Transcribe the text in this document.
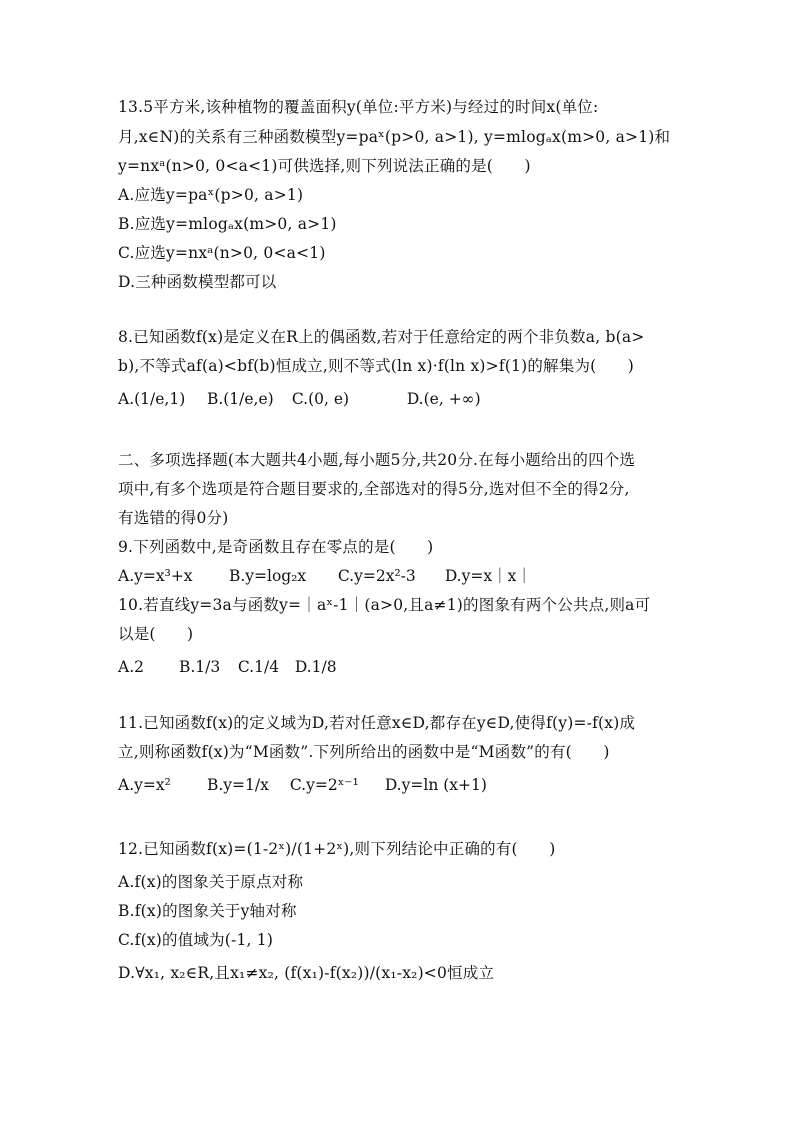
13.5平方米,该种植物的覆盖面积y(单位:平方米)与经过的时间x(单位:
月,x∈N)的关系有三种函数模型y=paˣ(p>0, a>1), y=mlogₐx(m>0, a>1)和
y=nxᵃ(n>0, 0<a<1)可供选择,则下列说法正确的是(　　)
A.应选y=paˣ(p>0, a>1)
B.应选y=mlogₐx(m>0, a>1)
C.应选y=nxᵃ(n>0, 0<a<1)
D.三种函数模型都可以
8.已知函数f(x)是定义在R上的偶函数,若对于任意给定的两个非负数a, b(a>
b),不等式af(a)<bf(b)恒成立,则不等式(ln x)·f(ln x)>f(1)的解集为(　　)
A.(1/e,1) B.(1/e,e) C.(0, e)	D.(e, +∞)
二、多项选择题(本大题共4小题,每小题5分,共20分.在每小题给出的四个选
项中,有多个选项是符合题目要求的,全部选对的得5分,选对但不全的得2分,
有选错的得0分)
9.下列函数中,是奇函数且存在零点的是(　　)
A.y=x³+x B.y=log₂x C.y=2x²-3 D.y=x｜x｜
10.若直线y=3a与函数y=｜aˣ-1｜(a>0,且a≠1)的图象有两个公共点,则a可
以是(　　)
A.2 B.1/3 C.1/4 D.1/8
11.已知函数f(x)的定义域为D,若对任意x∈D,都存在y∈D,使得f(y)=-f(x)成
立,则称函数f(x)为“M函数”.下列所给出的函数中是“M函数”的有(　　)
A.y=x² B.y=1/x C.y=2ˣ⁻¹ D.y=ln (x+1)
12.已知函数f(x)=(1-2ˣ)/(1+2ˣ),则下列结论中正确的有(　　)
A.f(x)的图象关于原点对称
B.f(x)的图象关于y轴对称
C.f(x)的值域为(-1, 1)
D.∀x₁, x₂∈R,且x₁≠x₂, (f(x₁)-f(x₂))/(x₁-x₂)<0恒成立
